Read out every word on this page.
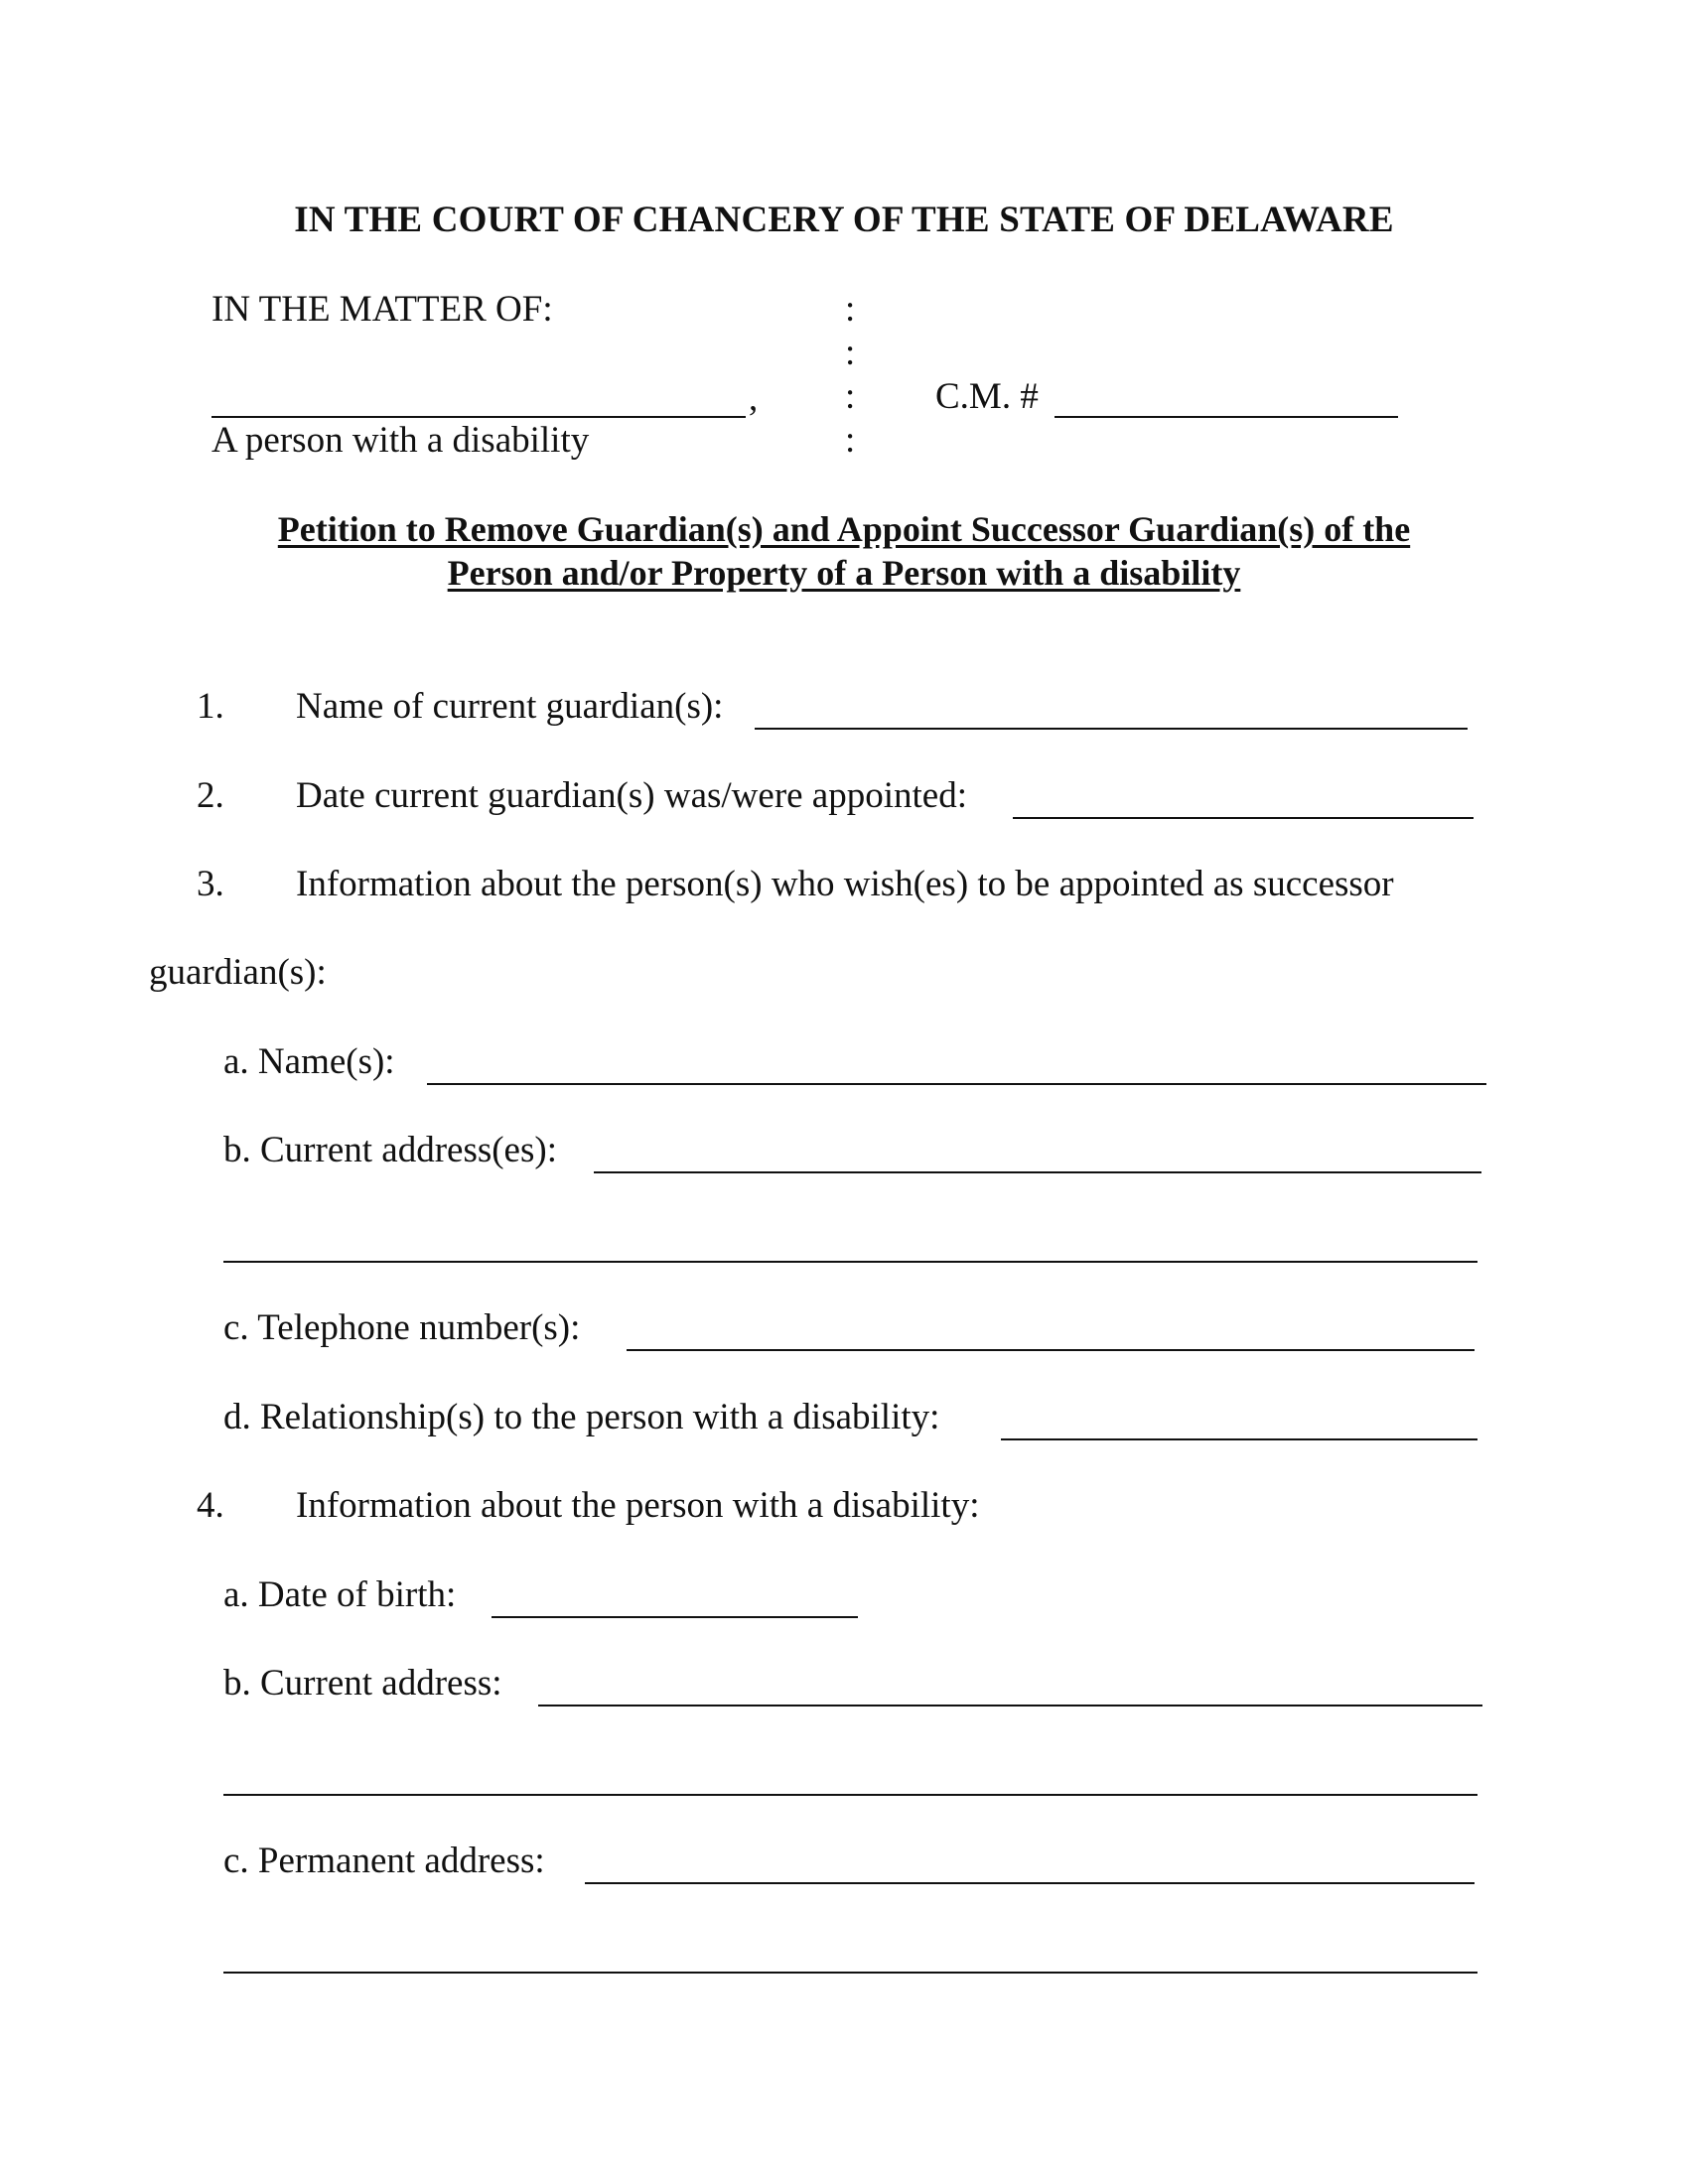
IN THE COURT OF CHANCERY OF THE STATE OF DELAWARE
IN THE MATTER OF:	:
:
:
:
,	C.M. #
A person with a disability
Petition to Remove Guardian(s) and Appoint Successor Guardian(s) of the
Person and/or Property of a Person with a disability
1. Name of current guardian(s):
2. Date current guardian(s) was/were appointed:
3. Information about the person(s) who wish(es) to be appointed as successor
guardian(s):
a. Name(s):
b. Current address(es):
c. Telephone number(s):
d. Relationship(s) to the person with a disability:
4. Information about the person with a disability:
a. Date of birth:
b. Current address:
c. Permanent address:
